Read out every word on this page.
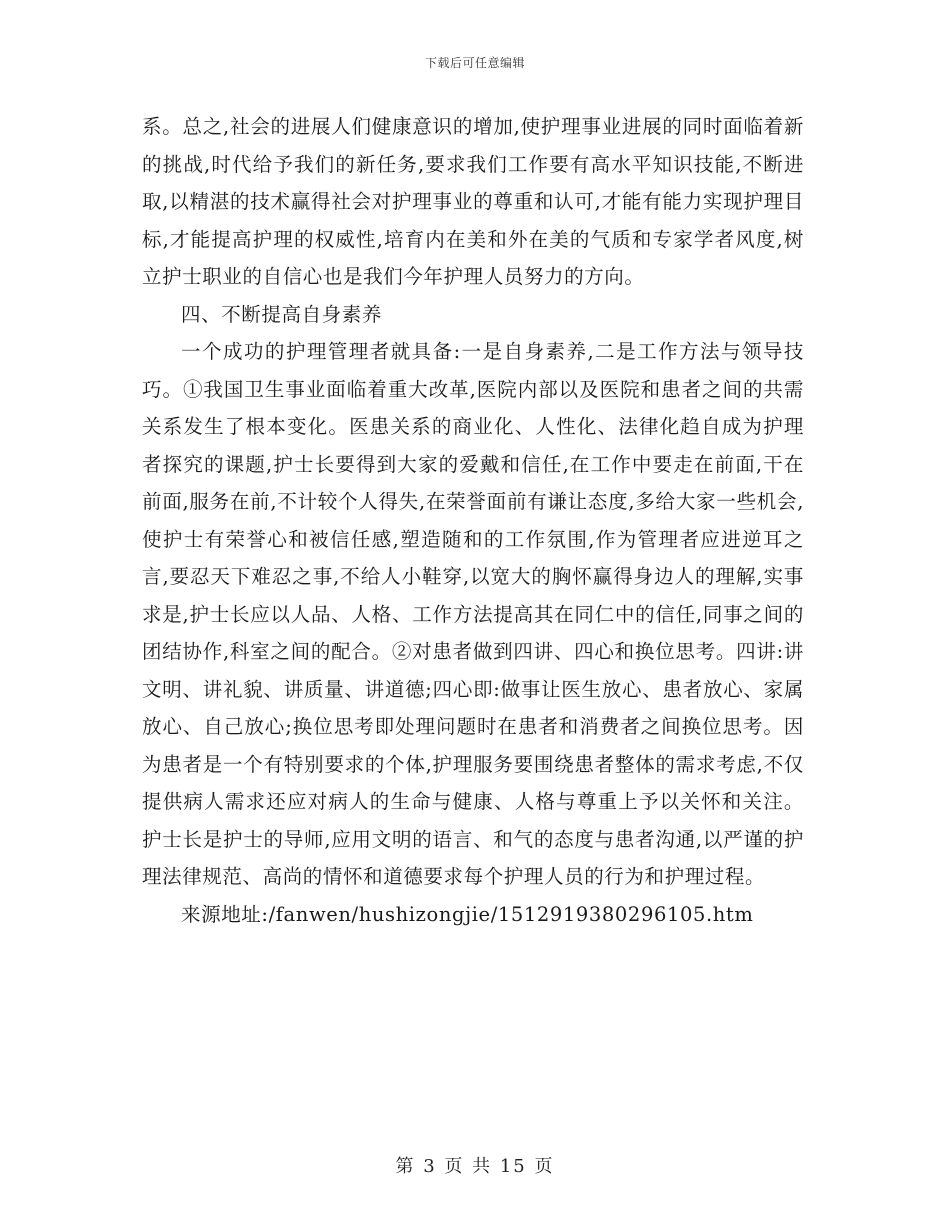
下载后可任意编辑

系。总之,社会的进展人们健康意识的增加,使护理事业进展的同时面临着新的挑战,时代给予我们的新任务,要求我们工作要有高水平知识技能,不断进取,以精湛的技术赢得社会对护理事业的尊重和认可,才能有能力实现护理目标,才能提高护理的权威性,培育内在美和外在美的气质和专家学者风度,树立护士职业的自信心也是我们今年护理人员努力的方向。

四、不断提高自身素养

一个成功的护理管理者就具备:一是自身素养,二是工作方法与领导技巧。①我国卫生事业面临着重大改革,医院内部以及医院和患者之间的共需关系发生了根本变化。医患关系的商业化、人性化、法律化趋自成为护理者探究的课题,护士长要得到大家的爱戴和信任,在工作中要走在前面,干在前面,服务在前,不计较个人得失,在荣誉面前有谦让态度,多给大家一些机会,使护士有荣誉心和被信任感,塑造随和的工作氛围,作为管理者应进逆耳之言,要忍天下难忍之事,不给人小鞋穿,以宽大的胸怀赢得身边人的理解,实事求是,护士长应以人品、人格、工作方法提高其在同仁中的信任,同事之间的团结协作,科室之间的配合。②对患者做到四讲、四心和换位思考。四讲:讲文明、讲礼貌、讲质量、讲道德;四心即:做事让医生放心、患者放心、家属放心、自己放心;换位思考即处理问题时在患者和消费者之间换位思考。因为患者是一个有特别要求的个体,护理服务要围绕患者整体的需求考虑,不仅提供病人需求还应对病人的生命与健康、人格与尊重上予以关怀和关注。护士长是护士的导师,应用文明的语言、和气的态度与患者沟通,以严谨的护理法律规范、高尚的情怀和道德要求每个护理人员的行为和护理过程。

来源地址:/fanwen/hushizongjie/1512919380296105.htm

第 3 页 共 15 页
